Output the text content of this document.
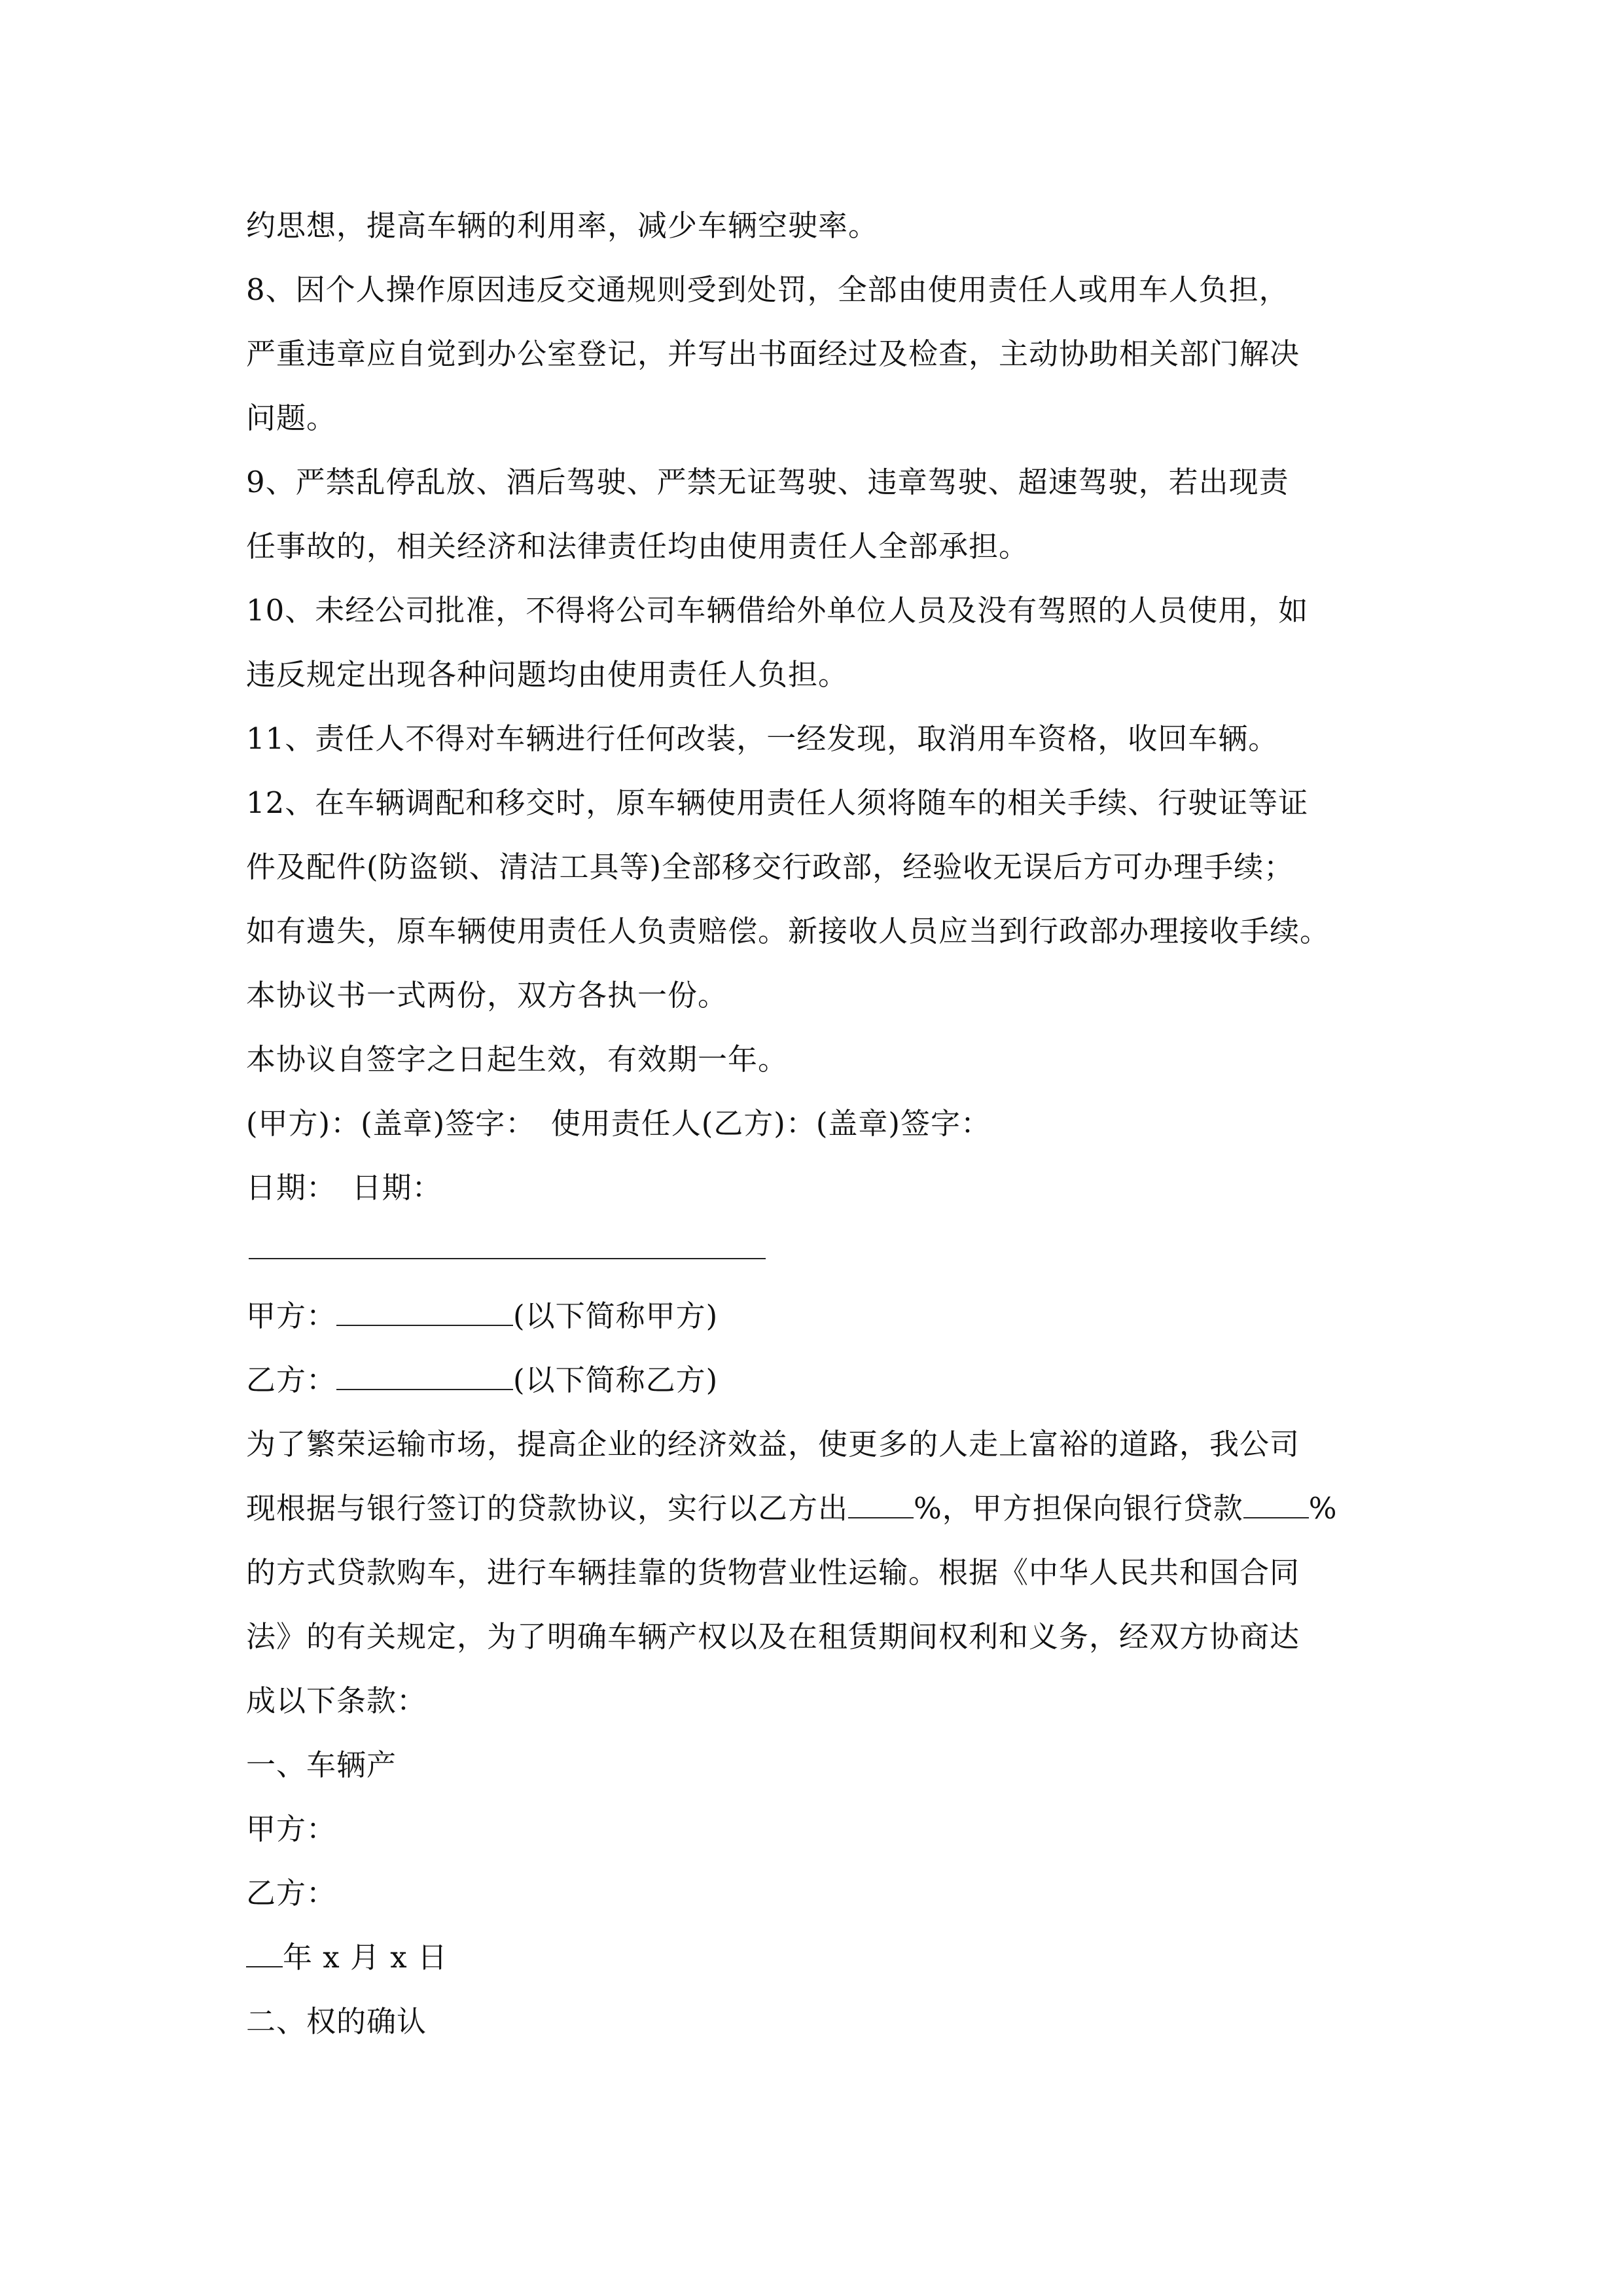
约思想，提高车辆的利用率，减少车辆空驶率。
8、因个人操作原因违反交通规则受到处罚，全部由使用责任人或用车人负担，
严重违章应自觉到办公室登记，并写出书面经过及检查，主动协助相关部门解决
问题。
9、严禁乱停乱放、酒后驾驶、严禁无证驾驶、违章驾驶、超速驾驶，若出现责
任事故的，相关经济和法律责任均由使用责任人全部承担。
10、未经公司批准，不得将公司车辆借给外单位人员及没有驾照的人员使用，如
违反规定出现各种问题均由使用责任人负担。
11、责任人不得对车辆进行任何改装，一经发现，取消用车资格，收回车辆。
12、在车辆调配和移交时，原车辆使用责任人须将随车的相关手续、行驶证等证
件及配件(防盗锁、清洁工具等)全部移交行政部，经验收无误后方可办理手续；
如有遗失，原车辆使用责任人负责赔偿。新接收人员应当到行政部办理接收手续。
本协议书一式两份，双方各执一份。
本协议自签字之日起生效，有效期一年。
(甲方)：(盖章)签字：　使用责任人(乙方)：(盖章)签字：
日期：　日期：
甲方：	(以下简称甲方)
乙方：	(以下简称乙方)
为了繁荣运输市场，提高企业的经济效益，使更多的人走上富裕的道路，我公司
现根据与银行签订的贷款协议，实行以乙方出 %，甲方担保向银行贷款 %
的方式贷款购车，进行车辆挂靠的货物营业性运输。根据《中华人民共和国合同
法》的有关规定，为了明确车辆产权以及在租赁期间权利和义务，经双方协商达
成以下条款：
一、车辆产
甲方：
乙方：
年 x 月 x 日
二、权的确认
